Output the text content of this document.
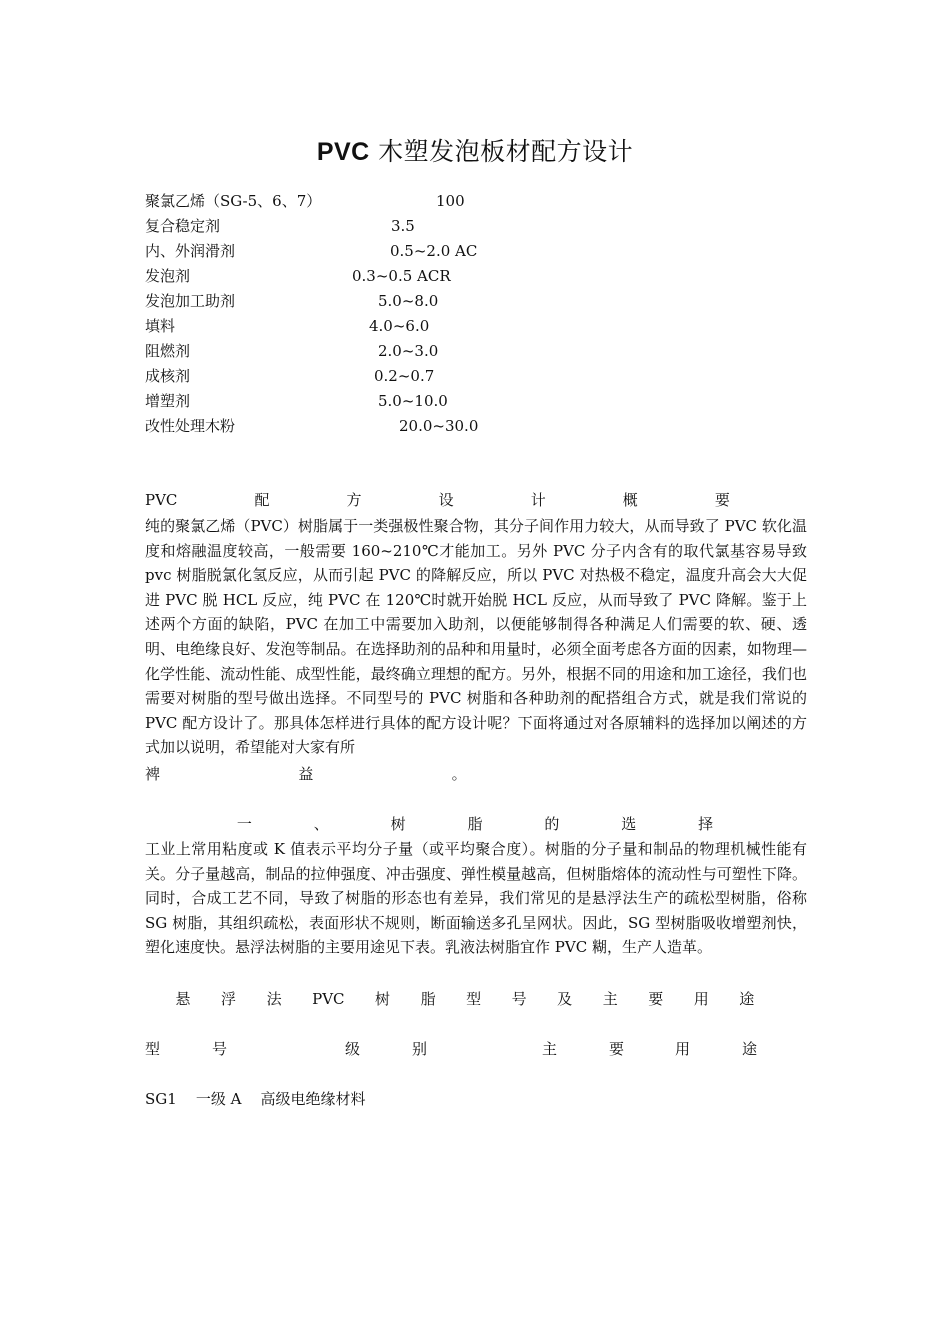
PVC 木塑发泡板材配方设计
聚氯乙烯（SG-5、6、7）	100
复合稳定剂	3.5
内、外润滑剂	0.5~2.0 AC
发泡剂	0.3~0.5 ACR
发泡加工助剂	5.0~8.0
填料	4.0~6.0
阻燃剂	2.0~3.0
成核剂	0.2~0.7
增塑剂	5.0~10.0
改性处理木粉	20.0~30.0
PVC	配	方	设	计	概	要
纯的聚氯乙烯（PVC）树脂属于一类强极性聚合物，其分子间作用力较大，从而导致了 PVC 软化温度和熔融温度较高，一般需要 160~210℃才能加工。另外 PVC 分子内含有的取代氯基容易导致 pvc 树脂脱氯化氢反应，从而引起 PVC 的降解反应，所以 PVC 对热极不稳定，温度升高会大大促进 PVC 脱 HCL 反应，纯 PVC 在 120℃时就开始脱 HCL 反应，从而导致了 PVC 降解。鉴于上述两个方面的缺陷，PVC 在加工中需要加入助剂，以便能够制得各种满足人们需要的软、硬、透明、电绝缘良好、发泡等制品。在选择助剂的品种和用量时，必须全面考虑各方面的因素，如物理—化学性能、流动性能、成型性能，最终确立理想的配方。另外，根据不同的用途和加工途径，我们也需要对树脂的型号做出选择。不同型号的 PVC 树脂和各种助剂的配搭组合方式，就是我们常说的 PVC 配方设计了。那具体怎样进行具体的配方设计呢？下面将通过对各原辅料的选择加以阐述的方式加以说明，希望能对大家有所
裨	益	。
一	、	树	脂	的	选	择
工业上常用粘度或 K 值表示平均分子量（或平均聚合度）。树脂的分子量和制品的物理机械性能有关。分子量越高，制品的拉伸强度、冲击强度、弹性模量越高，但树脂熔体的流动性与可塑性下降。同时，合成工艺不同，导致了树脂的形态也有差异，我们常见的是悬浮法生产的疏松型树脂，俗称 SG 树脂，其组织疏松，表面形状不规则，断面输送多孔呈网状。因此，SG 型树脂吸收增塑剂快，塑化速度快。悬浮法树脂的主要用途见下表。乳液法树脂宜作 PVC 糊，生产人造革。
悬 浮 法 PVC 树 脂 型 号 及 主 要 用 途
型	号	级	别	主	要	用	途
SG1    一级 A    高级电绝缘材料
